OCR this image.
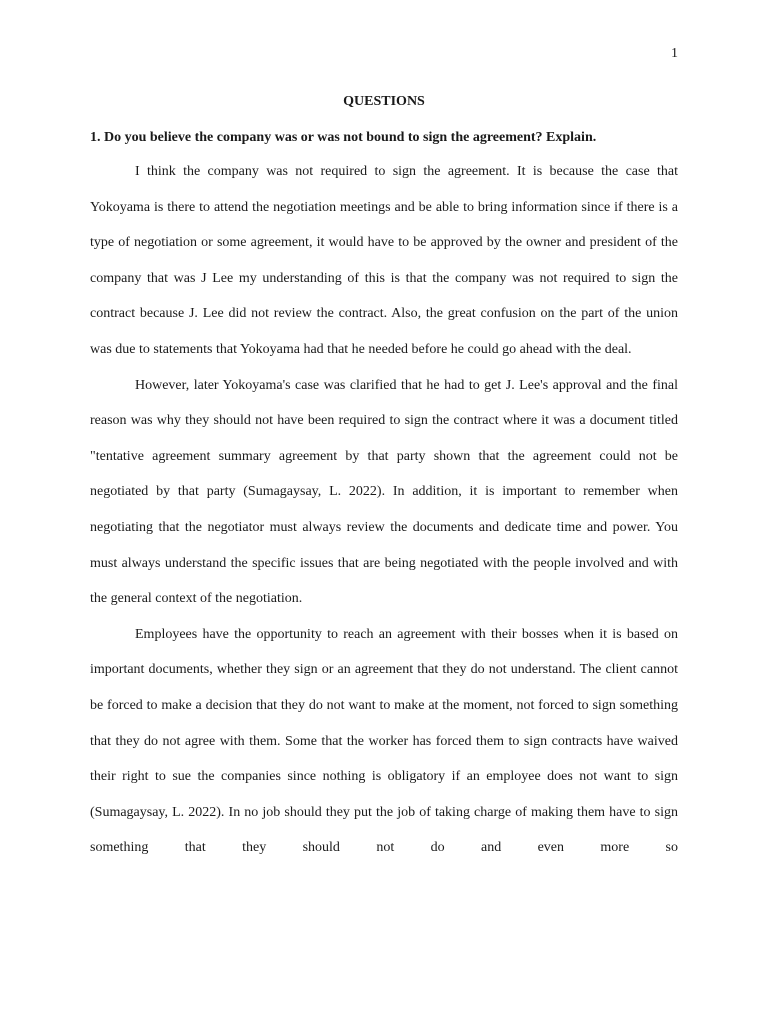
1
QUESTIONS
1. Do you believe the company was or was not bound to sign the agreement? Explain.

I think the company was not required to sign the agreement. It is because the case that Yokoyama is there to attend the negotiation meetings and be able to bring information since if there is a type of negotiation or some agreement, it would have to be approved by the owner and president of the company that was J Lee my understanding of this is that the company was not required to sign the contract because J. Lee did not review the contract. Also, the great confusion on the part of the union was due to statements that Yokoyama had that he needed before he could go ahead with the deal.

However, later Yokoyama's case was clarified that he had to get J. Lee's approval and the final reason was why they should not have been required to sign the contract where it was a document titled "tentative agreement summary agreement by that party shown that the agreement could not be negotiated by that party (Sumagaysay, L. 2022). In addition, it is important to remember when negotiating that the negotiator must always review the documents and dedicate time and power. You must always understand the specific issues that are being negotiated with the people involved and with the general context of the negotiation.

Employees have the opportunity to reach an agreement with their bosses when it is based on important documents, whether they sign or an agreement that they do not understand. The client cannot be forced to make a decision that they do not want to make at the moment, not forced to sign something that they do not agree with them. Some that the worker has forced them to sign contracts have waived their right to sue the companies since nothing is obligatory if an employee does not want to sign (Sumagaysay, L. 2022). In no job should they put the job of taking charge of making them have to sign something that they should not do and even more so
